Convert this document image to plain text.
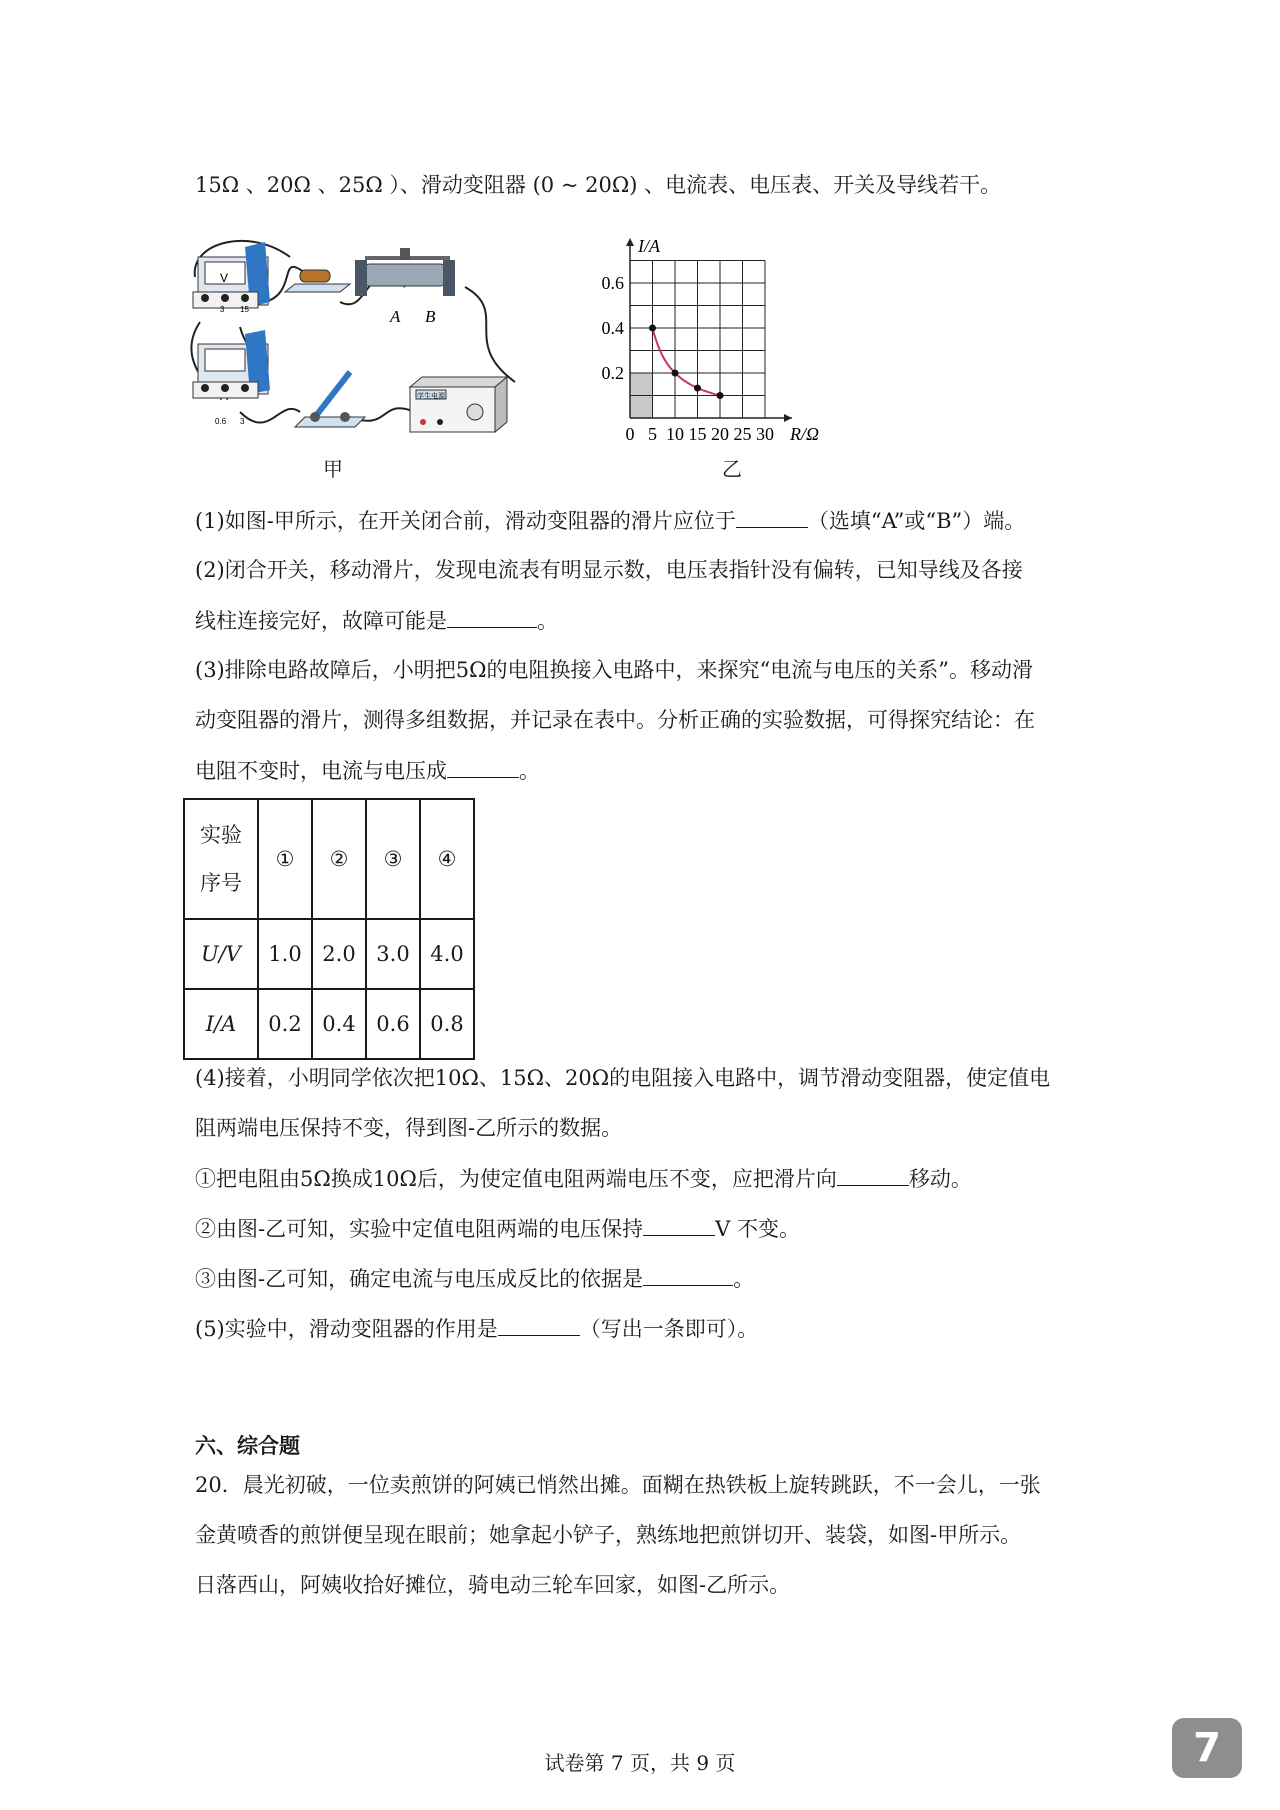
15Ω 、20Ω 、25Ω ）、滑动变阻器 (0 ~ 20Ω) 、电流表、电压表、开关及导线若干。
V
3 15	A B
0.6 3
学生电源
甲
I/A
R/Ω
0 5 10 15 20 25 30
0.2
0.4
0.6
乙
(1)如图-甲所示，在开关闭合前，滑动变阻器的滑片应位于	（选填“A”或“B”）端。
(2)闭合开关，移动滑片，发现电流表有明显示数，电压表指针没有偏转，已知导线及各接
线柱连接完好，故障可能是	。
(3)排除电路故障后，小明把5Ω的电阻换接入电路中，来探究“电流与电压的关系”。移动滑
动变阻器的滑片，测得多组数据，并记录在表中。分析正确的实验数据，可得探究结论：在
电阻不变时，电流与电压成	。
实验
序号	①	②	③	④
U/V	1.0	2.0	3.0	4.0
I/A	0.2	0.4	0.6	0.8
(4)接着，小明同学依次把10Ω、15Ω、20Ω的电阻接入电路中，调节滑动变阻器，使定值电
阻两端电压保持不变，得到图-乙所示的数据。
①把电阻由5Ω换成10Ω后，为使定值电阻两端电压不变，应把滑片向	移动。
②由图-乙可知，实验中定值电阻两端的电压保持	V 不变。
③由图-乙可知，确定电流与电压成反比的依据是	。
(5)实验中，滑动变阻器的作用是	（写出一条即可）。
六、综合题
20．晨光初破，一位卖煎饼的阿姨已悄然出摊。面糊在热铁板上旋转跳跃，不一会儿，一张
金黄喷香的煎饼便呈现在眼前；她拿起小铲子，熟练地把煎饼切开、装袋，如图-甲所示。
日落西山，阿姨收拾好摊位，骑电动三轮车回家，如图-乙所示。
试卷第 7 页，共 9 页	7
